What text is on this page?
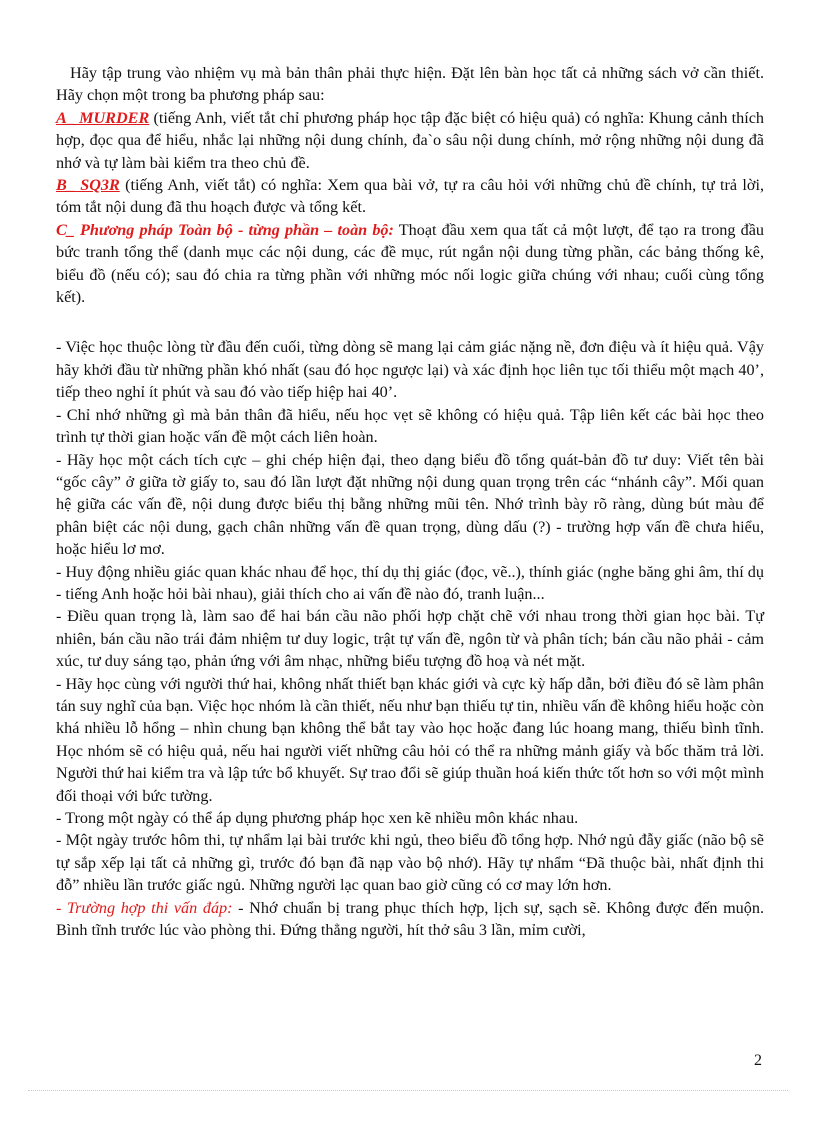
Hãy tập trung vào nhiệm vụ mà bản thân phải thực hiện. Đặt lên bàn học tất cả những sách vở cần thiết. Hãy chọn một trong ba phương pháp sau:

A_ MURDER (tiếng Anh, viết tắt chỉ phương pháp học tập đặc biệt có hiệu quả) có nghĩa: Khung cảnh thích hợp, đọc qua để hiểu, nhắc lại những nội dung chính, đa`o sâu nội dung chính, mở rộng những nội dung đã nhớ và tự làm bài kiểm tra theo chủ đề.

B_ SQ3R (tiếng Anh, viết tắt) có nghĩa: Xem qua bài vở, tự ra câu hỏi với những chủ đề chính, tự trả lời, tóm tắt nội dung đã thu hoạch được và tổng kết.

C_ Phương pháp Toàn bộ - từng phần – toàn bộ: Thoạt đầu xem qua tất cả một lượt, để tạo ra trong đầu bức tranh tổng thể (danh mục các nội dung, các đề mục, rút ngắn nội dung từng phần, các bảng thống kê, biểu đồ (nếu có); sau đó chia ra từng phần với những móc nối logic giữa chúng với nhau; cuối cùng tổng kết).

- Việc học thuộc lòng từ đầu đến cuối, từng dòng sẽ mang lại cảm giác nặng nề, đơn điệu và ít hiệu quả. Vậy hãy khởi đầu từ những phần khó nhất (sau đó học ngược lại) và xác định học liên tục tối thiểu một mạch 40’, tiếp theo nghỉ ít phút và sau đó vào tiếp hiệp hai 40’.

- Chỉ nhớ những gì mà bản thân đã hiểu, nếu học vẹt sẽ không có hiệu quả. Tập liên kết các bài học theo trình tự thời gian hoặc vấn đề một cách liên hoàn.

- Hãy học một cách tích cực – ghi chép hiện đại, theo dạng biểu đồ tổng quát-bản đồ tư duy: Viết tên bài “gốc cây” ở giữa tờ giấy to, sau đó lần lượt đặt những nội dung quan trọng trên các “nhánh cây”. Mối quan hệ giữa các vấn đề, nội dung được biểu thị bằng những mũi tên. Nhớ trình bày rõ ràng, dùng bút màu để phân biệt các nội dung, gạch chân những vấn đề quan trọng, dùng dấu (?) - trường hợp vấn đề chưa hiểu, hoặc hiểu lơ mơ.

- Huy động nhiều giác quan khác nhau để học, thí dụ thị giác (đọc, vẽ..), thính giác (nghe băng ghi âm, thí dụ - tiếng Anh hoặc hỏi bài nhau), giải thích cho ai vấn đề nào đó, tranh luận...

- Điều quan trọng là, làm sao để hai bán cầu não phối hợp chặt chẽ với nhau trong thời gian học bài. Tự nhiên, bán cầu não trái đảm nhiệm tư duy logic, trật tự vấn đề, ngôn từ và phân tích; bán cầu não phải - cảm xúc, tư duy sáng tạo, phản ứng với âm nhạc, những biểu tượng đồ hoạ và nét mặt.

- Hãy học cùng với người thứ hai, không nhất thiết bạn khác giới và cực kỳ hấp dẫn, bởi điều đó sẽ làm phân tán suy nghĩ của bạn. Việc học nhóm là cần thiết, nếu như bạn thiếu tự tin, nhiều vấn đề không hiểu hoặc còn khá nhiều lỗ hổng – nhìn chung bạn không thể bắt tay vào học hoặc đang lúc hoang mang, thiếu bình tĩnh. Học nhóm sẽ có hiệu quả, nếu hai người viết những câu hỏi có thể ra những mảnh giấy và bốc thăm trả lời. Người thứ hai kiểm tra và lập tức bổ khuyết. Sự trao đổi sẽ giúp thuần hoá kiến thức tốt hơn so với một mình đối thoại với bức tường.

- Trong một ngày có thể áp dụng phương pháp học xen kẽ nhiều môn khác nhau.

- Một ngày trước hôm thi, tự nhẩm lại bài trước khi ngủ, theo biểu đồ tổng hợp. Nhớ ngủ đẫy giấc (não bộ sẽ tự sắp xếp lại tất cả những gì, trước đó bạn đã nạp vào bộ nhớ). Hãy tự nhẩm “Đã thuộc bài, nhất định thi đỗ” nhiều lần trước giấc ngủ. Những người lạc quan bao giờ cũng có cơ may lớn hơn.

- Trường hợp thi vấn đáp: - Nhớ chuẩn bị trang phục thích hợp, lịch sự, sạch sẽ. Không được đến muộn. Bình tĩnh trước lúc vào phòng thi. Đứng thẳng người, hít thở sâu 3 lần, mỉm cười,

2
